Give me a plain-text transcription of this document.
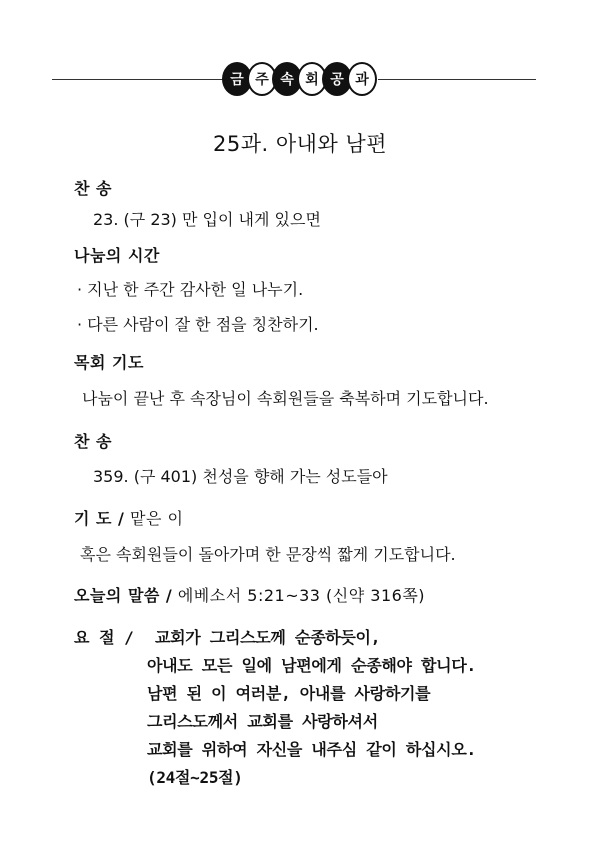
금 주 속 회 공 과
25과. 아내와 남편
찬 송
23. (구 23) 만 입이 내게 있으면
나눔의 시간
· 지난 한 주간 감사한 일 나누기.
· 다른 사람이 잘 한 점을 칭찬하기.
목회 기도
나눔이 끝난 후 속장님이 속회원들을 축복하며 기도합니다.
찬 송
359. (구 401) 천성을 향해 가는 성도들아
기 도 / 맡은 이
혹은 속회원들이 돌아가며 한 문장씩 짧게 기도합니다.
오늘의 말씀 / 에베소서 5:21~33 (신약 316쪽)
요 절 / 교회가 그리스도께 순종하듯이,
아내도 모든 일에 남편에게 순종해야 합니다.
남편 된 이 여러분, 아내를 사랑하기를
그리스도께서 교회를 사랑하셔서
교회를 위하여 자신을 내주심 같이 하십시오.
(24절~25절)
